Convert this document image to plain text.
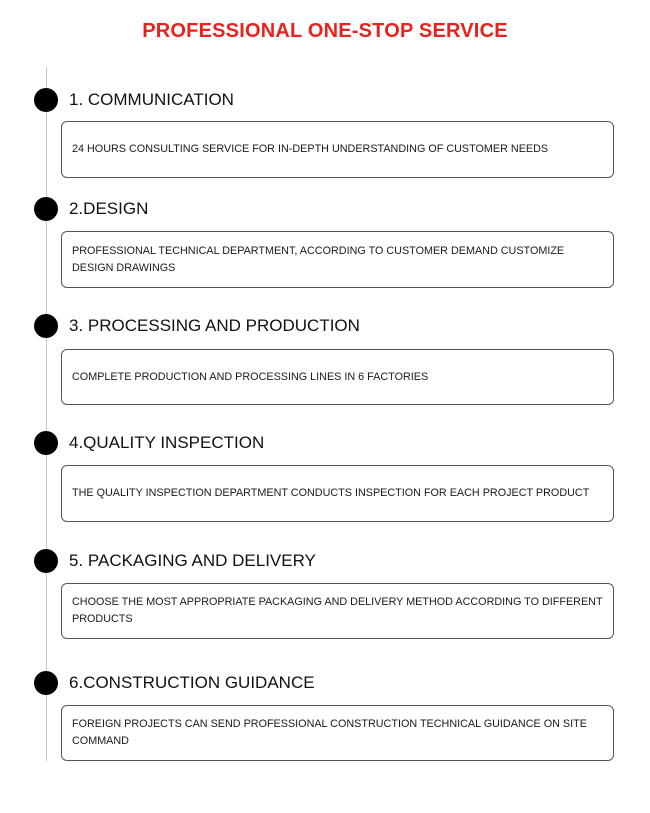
PROFESSIONAL ONE-STOP SERVICE
1. COMMUNICATION
24 HOURS CONSULTING SERVICE FOR IN-DEPTH UNDERSTANDING OF CUSTOMER NEEDS
2.DESIGN
PROFESSIONAL TECHNICAL DEPARTMENT, ACCORDING TO CUSTOMER DEMAND CUSTOMIZE DESIGN DRAWINGS
3. PROCESSING AND PRODUCTION
COMPLETE PRODUCTION AND PROCESSING LINES IN 6 FACTORIES
4.QUALITY INSPECTION
THE QUALITY INSPECTION DEPARTMENT CONDUCTS INSPECTION FOR EACH PROJECT PRODUCT
5. PACKAGING AND DELIVERY
CHOOSE THE MOST APPROPRIATE PACKAGING AND DELIVERY METHOD ACCORDING TO DIFFERENT PRODUCTS
6.CONSTRUCTION GUIDANCE
FOREIGN PROJECTS CAN SEND PROFESSIONAL CONSTRUCTION TECHNICAL GUIDANCE ON SITE COMMAND
